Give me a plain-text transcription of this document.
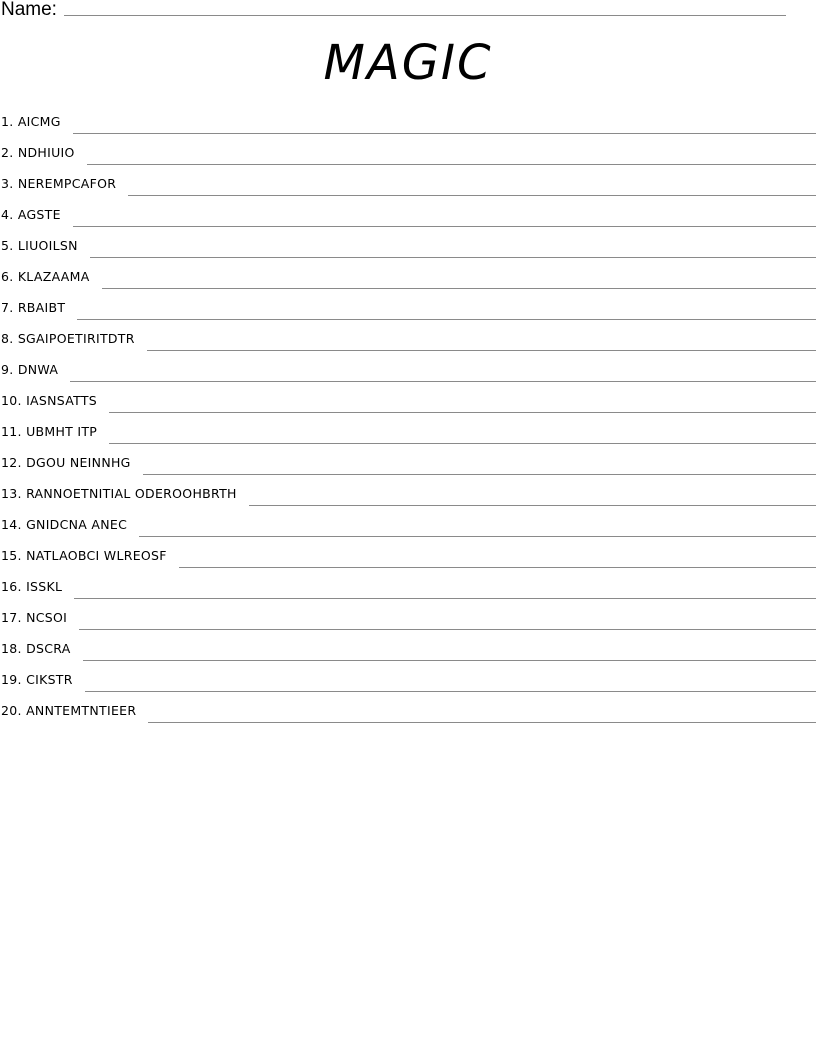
Name:
MAGIC
1 . AICMG
2 . NDHIUIO
3 . NEREMPCAFOR
4 . AGSTE
5 . LIUOILSN
6 . KLAZAAMA
7 . RBAIBT
8 . SGAIPOETIRITDTR
9 . DNWA
10 . IASNSATTS
11 . UBMHT ITP
12 . DGOU NEINNHG
13 . RANNOETNITIAL ODEROOHBRTH
14 . GNIDCNA ANEC
15 . NATLAOBCI WLREOSF
16 . ISSKL
17 . NCSOI
18 . DSCRA
19 . CIKSTR
20 . ANNTEMTNTIEER
